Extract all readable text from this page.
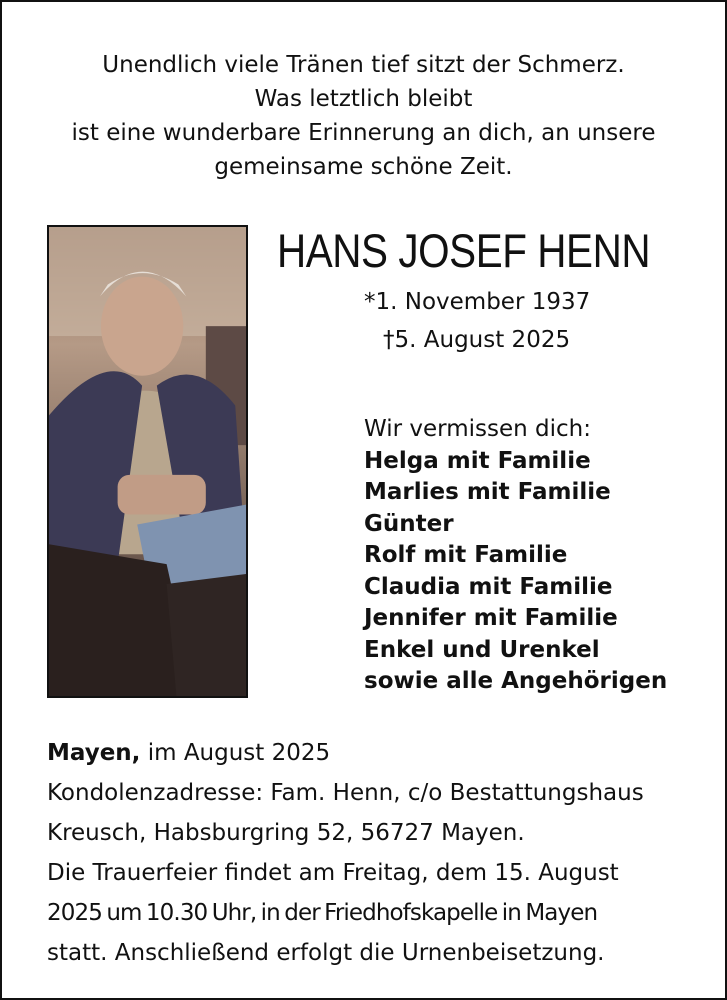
Unendlich viele Tränen tief sitzt der Schmerz.
Was letztlich bleibt
ist eine wunderbare Erinnerung an dich, an unsere
gemeinsame schöne Zeit.
HANS JOSEF HENN
*1. November 1937
†5. August 2025
Wir vermissen dich:
Helga mit Familie
Marlies mit Familie
Günter
Rolf mit Familie
Claudia mit Familie
Jennifer mit Familie
Enkel und Urenkel
sowie alle Angehörigen
Mayen, im August 2025
Kondolenzadresse: Fam. Henn, c/o Bestattungshaus
Kreusch, Habsburgring 52, 56727 Mayen.
Die Trauerfeier findet am Freitag, dem 15. August
2025 um 10.30 Uhr, in der Friedhofskapelle in Mayen
statt. Anschließend erfolgt die Urnenbeisetzung.
